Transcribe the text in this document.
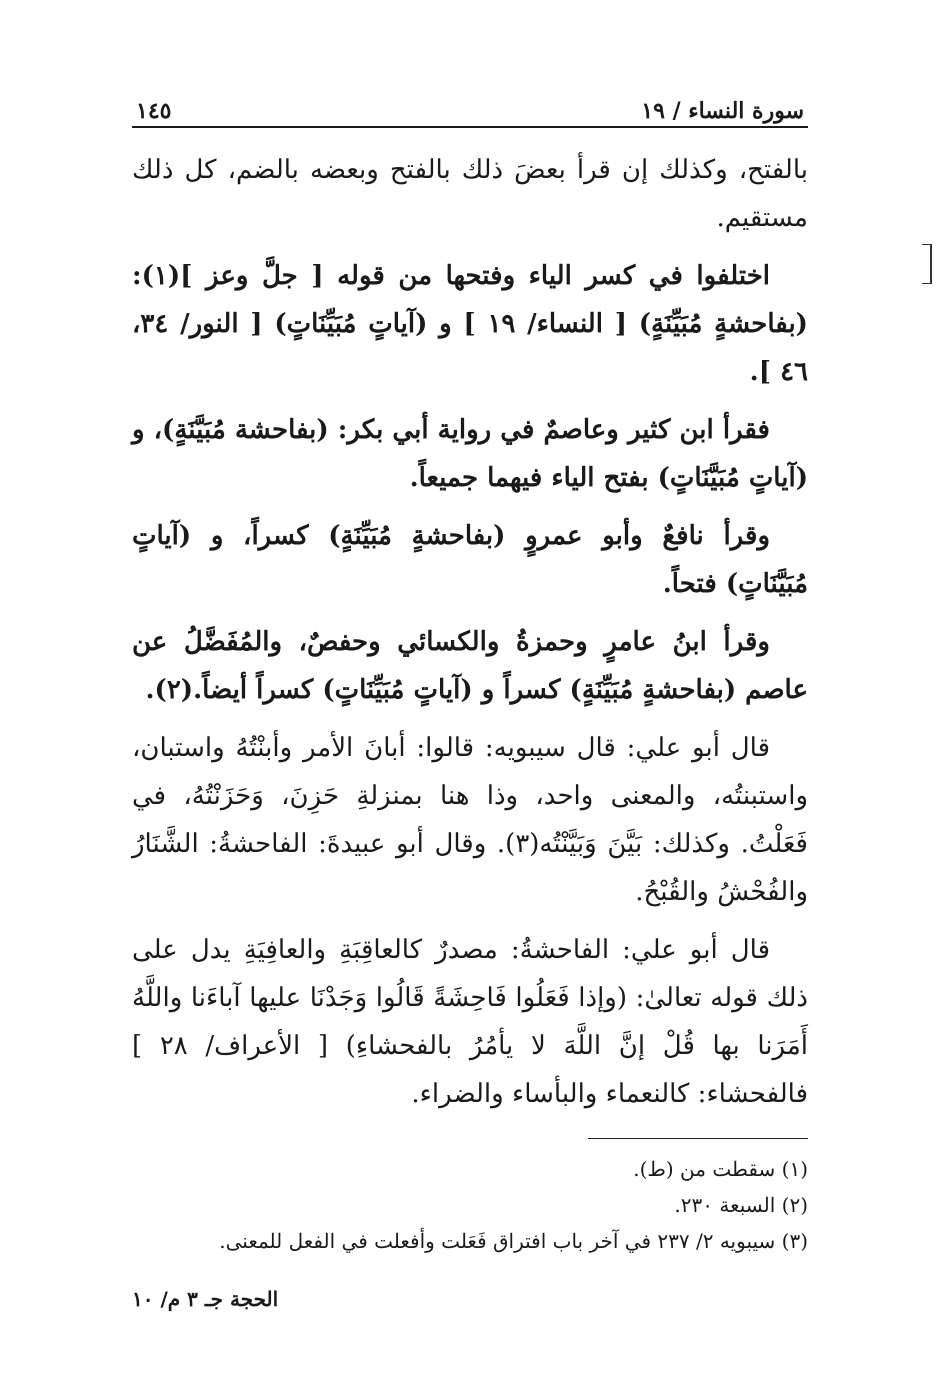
سورة النساء / ١٩
١٤٥

بالفتح، وكذلك إن قرأ بعضَ ذلك بالفتح وبعضه بالضم، كل ذلك مستقيم.

اختلفوا في كسر الياء وفتحها من قوله [ جلَّ وعز ](١): (بفاحشةٍ مُبَيِّنَةٍ) [ النساء/ ١٩ ] و (آياتٍ مُبَيِّنَاتٍ) [ النور/ ٣٤، ٤٦ ].

فقرأ ابن كثير وعاصمٌ في رواية أبي بكر: (بفاحشة مُبَيَّنَةٍ)، و (آياتٍ مُبَيَّنَاتٍ) بفتح الياء فيهما جميعاً.

وقرأ نافعٌ وأبو عمروٍ (بفاحشةٍ مُبَيِّنَةٍ) كسراً، و (آياتٍ مُبَيَّنَاتٍ) فتحاً.

وقرأ ابنُ عامرٍ وحمزةُ والكسائي وحفصٌ، والمُفَضَّلُ عن عاصم (بفاحشةٍ مُبَيِّنَةٍ) كسراً و (آياتٍ مُبَيِّنَاتٍ) كسراً أيضاً.(٢).

قال أبو علي: قال سيبويه: قالوا: أبانَ الأمر وأبنْتُهُ واستبان، واستبنتُه، والمعنى واحد، وذا هنا بمنزلةِ حَزِنَ، وَحَزَنْتُهُ، في فَعَلْتُ. وكذلك: بَيَّنَ وَبَيَّنْتُه(٣). وقال أبو عبيدةَ: الفاحشةُ: الشَّنَارُ والفُحْشُ والقُبْحُ.

قال أبو علي: الفاحشةُ: مصدرٌ كالعاقِبَةِ والعافِيَةِ يدل على ذلك قوله تعالىٰ: (وإذا فَعَلُوا فَاحِشَةً قَالُوا وَجَدْنَا عليها آباءَنا واللَّهُ أَمَرَنا بها قُلْ إنَّ اللَّهَ لا يأمُرُ بالفحشاءِ) [ الأعراف/ ٢٨ ] فالفحشاء: كالنعماء والبأساء والضراء.

(١) سقطت من (ط).

(٢) السبعة ٢٣٠.

(٣) سيبويه ٢/ ٢٣٧ في آخر باب افتراق فَعَلت وأفعلت في الفعل للمعنى.

الحجة جـ ٣ م/ ١٠
